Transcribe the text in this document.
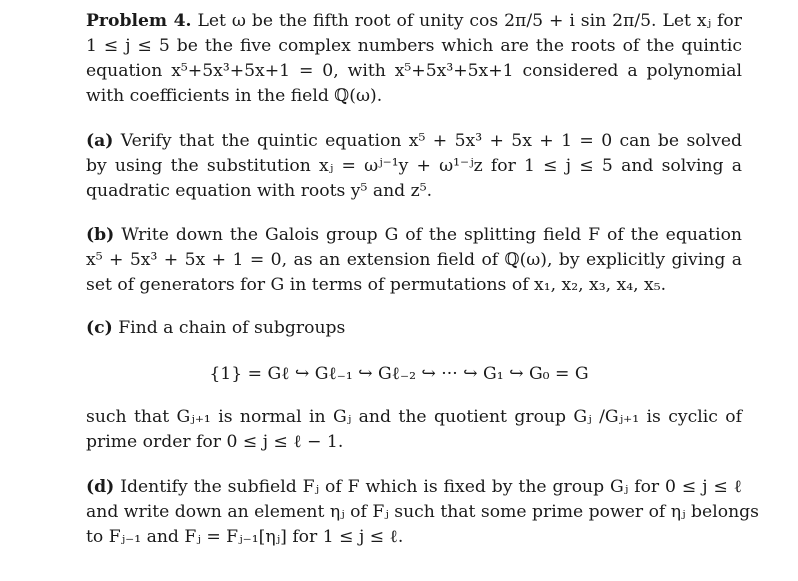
Problem 4. Let ω be the fifth root of unity cos 2π/5 + i sin 2π/5. Let xⱼ for
1 ≤ j ≤ 5 be the five complex numbers which are the roots of the quintic
equation x⁵+5x³+5x+1 = 0, with x⁵+5x³+5x+1 considered a polynomial
with coefficients in the field ℚ(ω).
(a) Verify that the quintic equation x⁵ + 5x³ + 5x + 1 = 0 can be solved
by using the substitution xⱼ = ωʲ⁻¹y + ω¹⁻ʲz for 1 ≤ j ≤ 5 and solving a
quadratic equation with roots y⁵ and z⁵.
(b) Write down the Galois group G of the splitting field F of the equation
x⁵ + 5x³ + 5x + 1 = 0, as an extension field of ℚ(ω), by explicitly giving a
set of generators for G in terms of permutations of x₁, x₂, x₃, x₄, x₅.
(c) Find a chain of subgroups
{1} = Gℓ ↪ Gℓ₋₁ ↪ Gℓ₋₂ ↪ ··· ↪ G₁ ↪ G₀ = G
such that Gⱼ₊₁ is normal in Gⱼ and the quotient group Gⱼ /Gⱼ₊₁ is cyclic of
prime order for 0 ≤ j ≤ ℓ − 1.
(d) Identify the subfield Fⱼ of F which is fixed by the group Gⱼ for 0 ≤ j ≤ ℓ
and write down an element ηⱼ of Fⱼ such that some prime power of ηⱼ belongs
to Fⱼ₋₁ and Fⱼ = Fⱼ₋₁[ηⱼ] for 1 ≤ j ≤ ℓ.
